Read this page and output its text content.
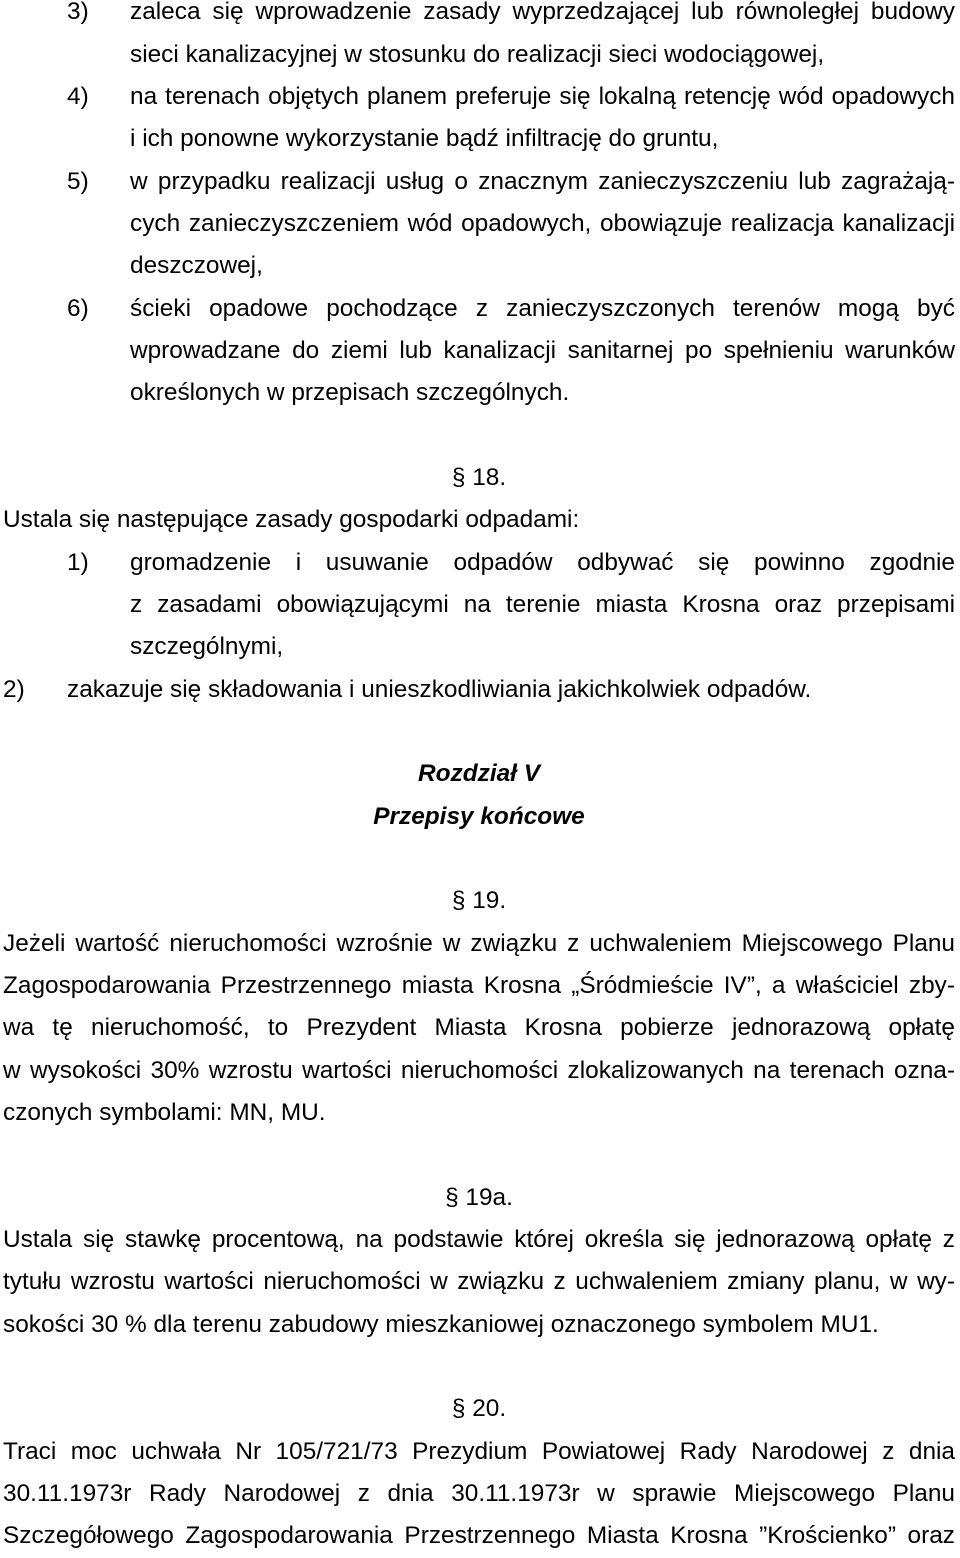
3) zaleca się wprowadzenie zasady wyprzedzającej lub równoległej budowy
sieci kanalizacyjnej w stosunku do realizacji sieci wodociągowej,
4) na terenach objętych planem preferuje się lokalną retencję wód opadowych
i ich ponowne wykorzystanie bądź infiltrację do gruntu,
5) w przypadku realizacji usług o znacznym zanieczyszczeniu lub zagrażają-
cych zanieczyszczeniem wód opadowych, obowiązuje realizacja kanalizacji
deszczowej,
6) ścieki opadowe pochodzące z zanieczyszczonych terenów mogą być
wprowadzane do ziemi lub kanalizacji sanitarnej po spełnieniu warunków
określonych w przepisach szczególnych.
§ 18.
Ustala się następujące zasady gospodarki odpadami:
1) gromadzenie i usuwanie odpadów odbywać się powinno zgodnie
z zasadami obowiązującymi na terenie miasta Krosna oraz przepisami
szczególnymi,
2) zakazuje się składowania i unieszkodliwiania jakichkolwiek odpadów.
Rozdział V
Przepisy końcowe
§ 19.
Jeżeli wartość nieruchomości wzrośnie w związku z uchwaleniem Miejscowego Planu
Zagospodarowania Przestrzennego miasta Krosna „Śródmieście IV”, a właściciel zby-
wa tę nieruchomość, to Prezydent Miasta Krosna pobierze jednorazową opłatę
w wysokości 30% wzrostu wartości nieruchomości zlokalizowanych na terenach ozna-
czonych symbolami: MN, MU.
§ 19a.
Ustala się stawkę procentową, na podstawie której określa się jednorazową opłatę z
tytułu wzrostu wartości nieruchomości w związku z uchwaleniem zmiany planu, w wy-
sokości 30 % dla terenu zabudowy mieszkaniowej oznaczonego symbolem MU1.
§ 20.
Traci moc uchwała Nr 105/721/73 Prezydium Powiatowej Rady Narodowej z dnia
30.11.1973r Rady Narodowej z dnia 30.11.1973r w sprawie Miejscowego Planu
Szczegółowego Zagospodarowania Przestrzennego Miasta Krosna ”Krościenko” oraz
